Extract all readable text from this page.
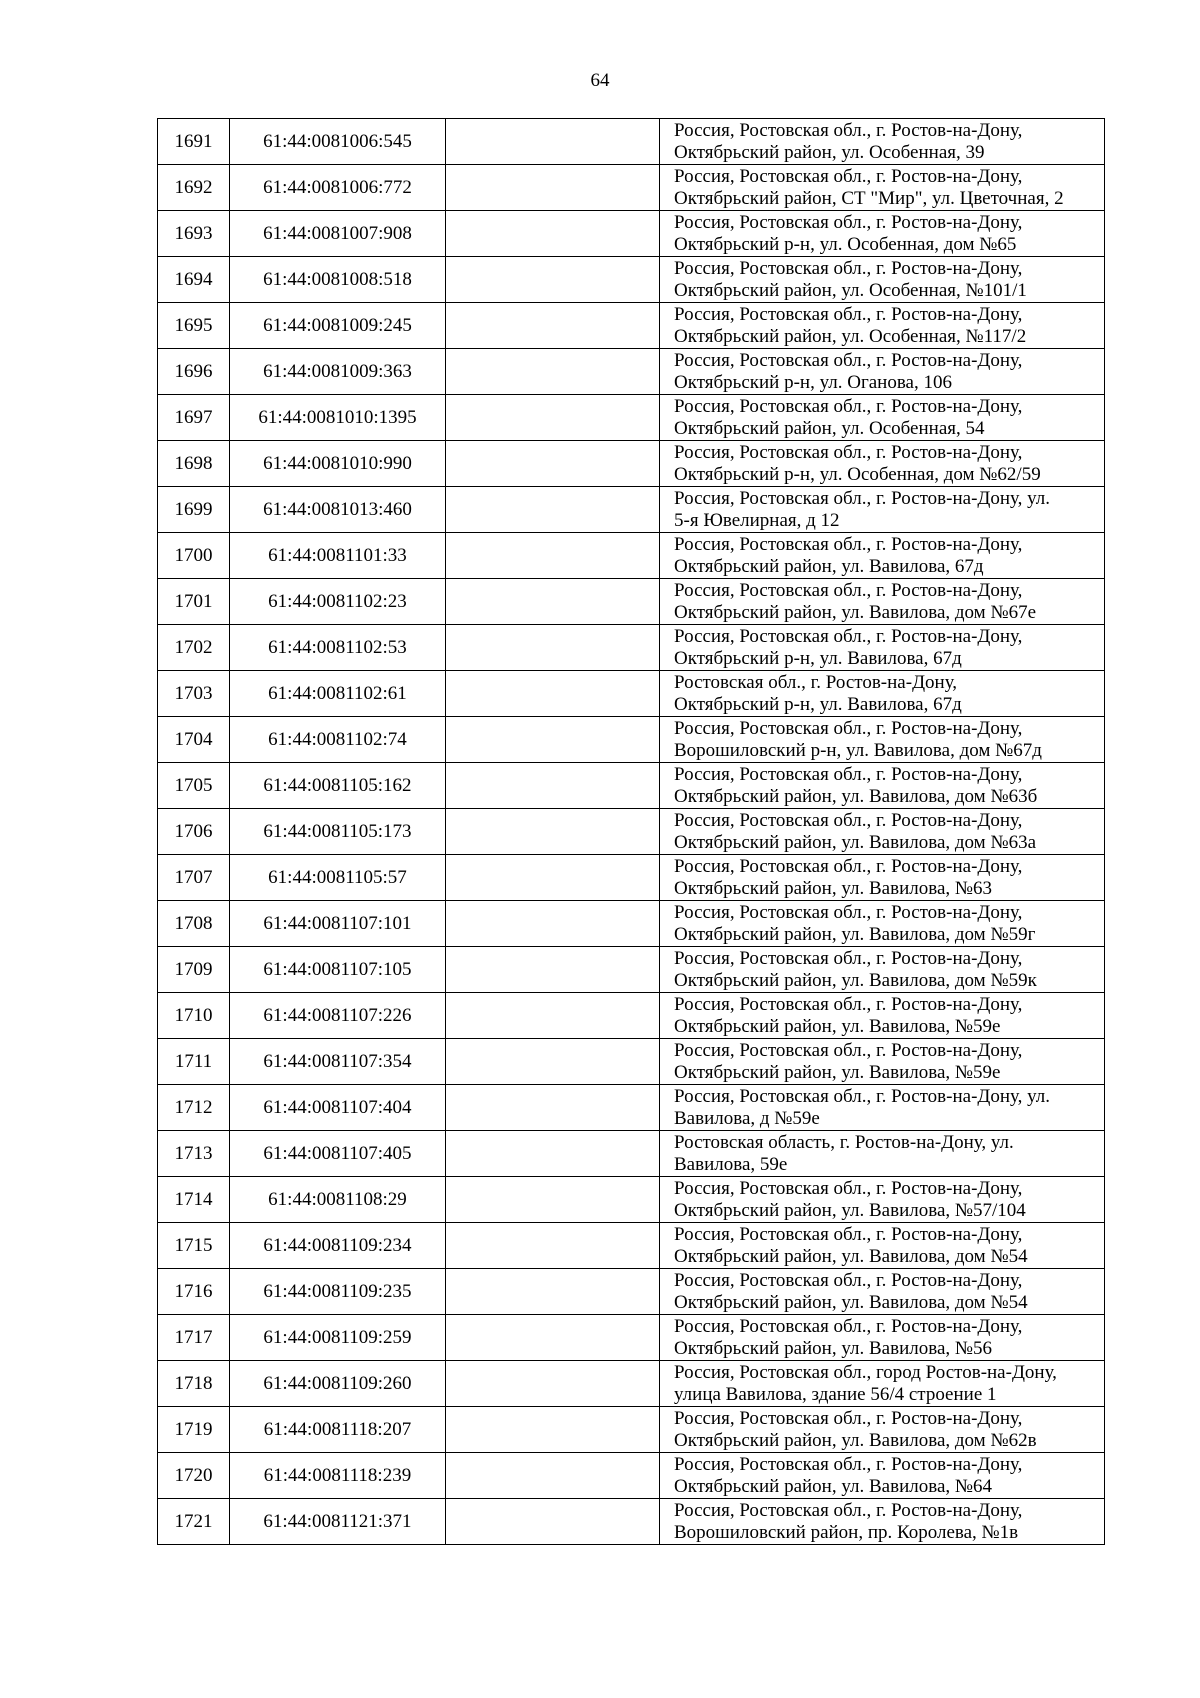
64
1691	61:44:0081006:545		Россия, Ростовская обл., г. Ростов-на-Дону,
Октябрьский район, ул. Особенная, 39

1692	61:44:0081006:772		Россия, Ростовская обл., г. Ростов-на-Дону,
Октябрьский район, СТ "Мир", ул. Цветочная, 2

1693	61:44:0081007:908		Россия, Ростовская обл., г. Ростов-на-Дону,
Октябрьский р-н, ул. Особенная, дом №65

1694	61:44:0081008:518		Россия, Ростовская обл., г. Ростов-на-Дону,
Октябрьский район, ул. Особенная, №101/1

1695	61:44:0081009:245		Россия, Ростовская обл., г. Ростов-на-Дону,
Октябрьский район, ул. Особенная, №117/2

1696	61:44:0081009:363		Россия, Ростовская обл., г. Ростов-на-Дону,
Октябрьский р-н, ул. Оганова, 106

1697	61:44:0081010:1395		Россия, Ростовская обл., г. Ростов-на-Дону,
Октябрьский район, ул. Особенная, 54

1698	61:44:0081010:990		Россия, Ростовская обл., г. Ростов-на-Дону,
Октябрьский р-н, ул. Особенная, дом №62/59

1699	61:44:0081013:460		Россия, Ростовская обл., г. Ростов-на-Дону, ул.
5-я Ювелирная, д 12

1700	61:44:0081101:33		Россия, Ростовская обл., г. Ростов-на-Дону,
Октябрьский район, ул. Вавилова, 67д

1701	61:44:0081102:23		Россия, Ростовская обл., г. Ростов-на-Дону,
Октябрьский район, ул. Вавилова, дом №67е

1702	61:44:0081102:53		Россия, Ростовская обл., г. Ростов-на-Дону,
Октябрьский р-н, ул. Вавилова, 67д

1703	61:44:0081102:61		Ростовская обл., г. Ростов-на-Дону,
Октябрьский р-н, ул. Вавилова, 67д

1704	61:44:0081102:74		Россия, Ростовская обл., г. Ростов-на-Дону,
Ворошиловский р-н, ул. Вавилова, дом №67д

1705	61:44:0081105:162		Россия, Ростовская обл., г. Ростов-на-Дону,
Октябрьский район, ул. Вавилова, дом №63б

1706	61:44:0081105:173		Россия, Ростовская обл., г. Ростов-на-Дону,
Октябрьский район, ул. Вавилова, дом №63а

1707	61:44:0081105:57		Россия, Ростовская обл., г. Ростов-на-Дону,
Октябрьский район, ул. Вавилова, №63

1708	61:44:0081107:101		Россия, Ростовская обл., г. Ростов-на-Дону,
Октябрьский район, ул. Вавилова, дом №59г

1709	61:44:0081107:105		Россия, Ростовская обл., г. Ростов-на-Дону,
Октябрьский район, ул. Вавилова, дом №59к

1710	61:44:0081107:226		Россия, Ростовская обл., г. Ростов-на-Дону,
Октябрьский район, ул. Вавилова, №59е

1711	61:44:0081107:354		Россия, Ростовская обл., г. Ростов-на-Дону,
Октябрьский район, ул. Вавилова, №59е

1712	61:44:0081107:404		Россия, Ростовская обл., г. Ростов-на-Дону, ул.
Вавилова, д №59е

1713	61:44:0081107:405		Ростовская область, г. Ростов-на-Дону, ул.
Вавилова, 59е

1714	61:44:0081108:29		Россия, Ростовская обл., г. Ростов-на-Дону,
Октябрьский район, ул. Вавилова, №57/104

1715	61:44:0081109:234		Россия, Ростовская обл., г. Ростов-на-Дону,
Октябрьский район, ул. Вавилова, дом №54

1716	61:44:0081109:235		Россия, Ростовская обл., г. Ростов-на-Дону,
Октябрьский район, ул. Вавилова, дом №54

1717	61:44:0081109:259		Россия, Ростовская обл., г. Ростов-на-Дону,
Октябрьский район, ул. Вавилова, №56

1718	61:44:0081109:260		Россия, Ростовская обл., город Ростов-на-Дону,
улица Вавилова, здание 56/4 строение 1

1719	61:44:0081118:207		Россия, Ростовская обл., г. Ростов-на-Дону,
Октябрьский район, ул. Вавилова, дом №62в

1720	61:44:0081118:239		Россия, Ростовская обл., г. Ростов-на-Дону,
Октябрьский район, ул. Вавилова, №64

1721	61:44:0081121:371		Россия, Ростовская обл., г. Ростов-на-Дону,
Ворошиловский район, пр. Королева, №1в
